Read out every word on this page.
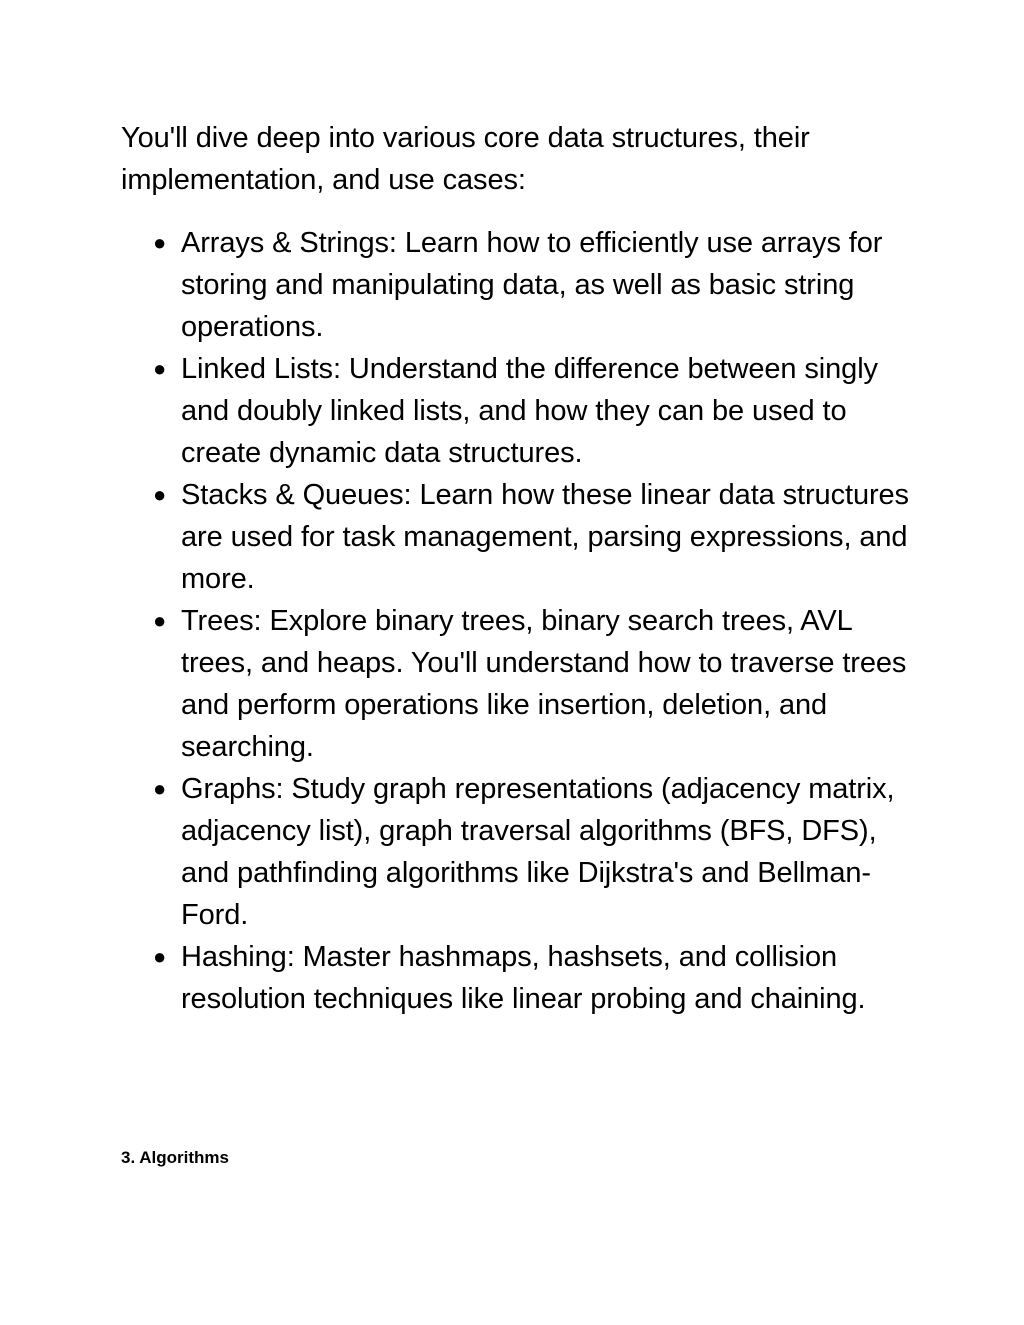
You'll dive deep into various core data structures, their implementation, and use cases:

● Arrays & Strings: Learn how to efficiently use arrays for storing and manipulating data, as well as basic string operations.
● Linked Lists: Understand the difference between singly and doubly linked lists, and how they can be used to create dynamic data structures.
● Stacks & Queues: Learn how these linear data structures are used for task management, parsing expressions, and more.
● Trees: Explore binary trees, binary search trees, AVL trees, and heaps. You'll understand how to traverse trees and perform operations like insertion, deletion, and searching.
● Graphs: Study graph representations (adjacency matrix, adjacency list), graph traversal algorithms (BFS, DFS), and pathfinding algorithms like Dijkstra's and Bellman-Ford.
● Hashing: Master hashmaps, hashsets, and collision resolution techniques like linear probing and chaining.
3. Algorithms
